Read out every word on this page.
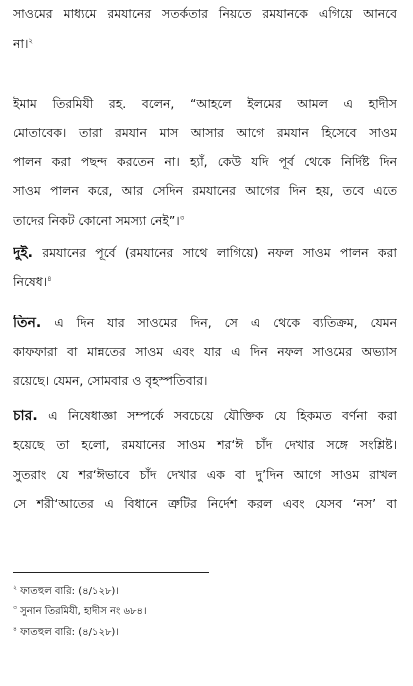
সাওমের মাধ্যমে রমযানের সতর্কতার নিয়তে রমযানকে এগিয়ে আনবে
না।$^২$
ইমাম তিরমিযী রহ. বলেন, “আহলে ইলমের আমল এ হাদীস
মোতাবেক। তারা রমযান মাস আসার আগে রমযান হিসেবে সাওম
পালন করা পছন্দ করতেন না। হ্যাঁ, কেউ যদি পূর্ব থেকে নির্দিষ্ট দিন
সাওম পালন করে, আর সেদিন রমযানের আগের দিন হয়, তবে এতে
তাদের নিকট কোনো সমস্যা নেই”।$^৩$
দুই. রমযানের পূর্বে (রমযানের সাথে লাগিয়ে) নফল সাওম পালন করা
নিষেধ।$^৪$
তিন. এ দিন যার সাওমের দিন, সে এ থেকে ব্যতিক্রম, যেমন
কাফফারা বা মান্নতের সাওম এবং যার এ দিন নফল সাওমের অভ্যাস
রয়েছে। যেমন, সোমবার ও বৃহস্পতিবার।
চার. এ নিষেধাজ্ঞা সম্পর্কে সবচেয়ে যৌক্তিক যে হিকমত বর্ণনা করা
হয়েছে তা হলো, রমযানের সাওম শর‘ঈ চাঁদ দেখার সঙ্গে সংশ্লিষ্ট।
সুতরাং যে শর‘ঈভাবে চাঁদ দেখার এক বা দু’দিন আগে সাওম রাখল
সে শরী‘আতের এ বিধানে ত্রুটির নির্দেশ করল এবং যেসব ‘নস’ বা
$^২$ ফাতহুল বারি: (৪/১২৮)।
$^৩$ সুনান তিরমিযী, হাদীস নং ৬৮৪।
$^৪$ ফাতহুল বারি: (৪/১২৮)।
